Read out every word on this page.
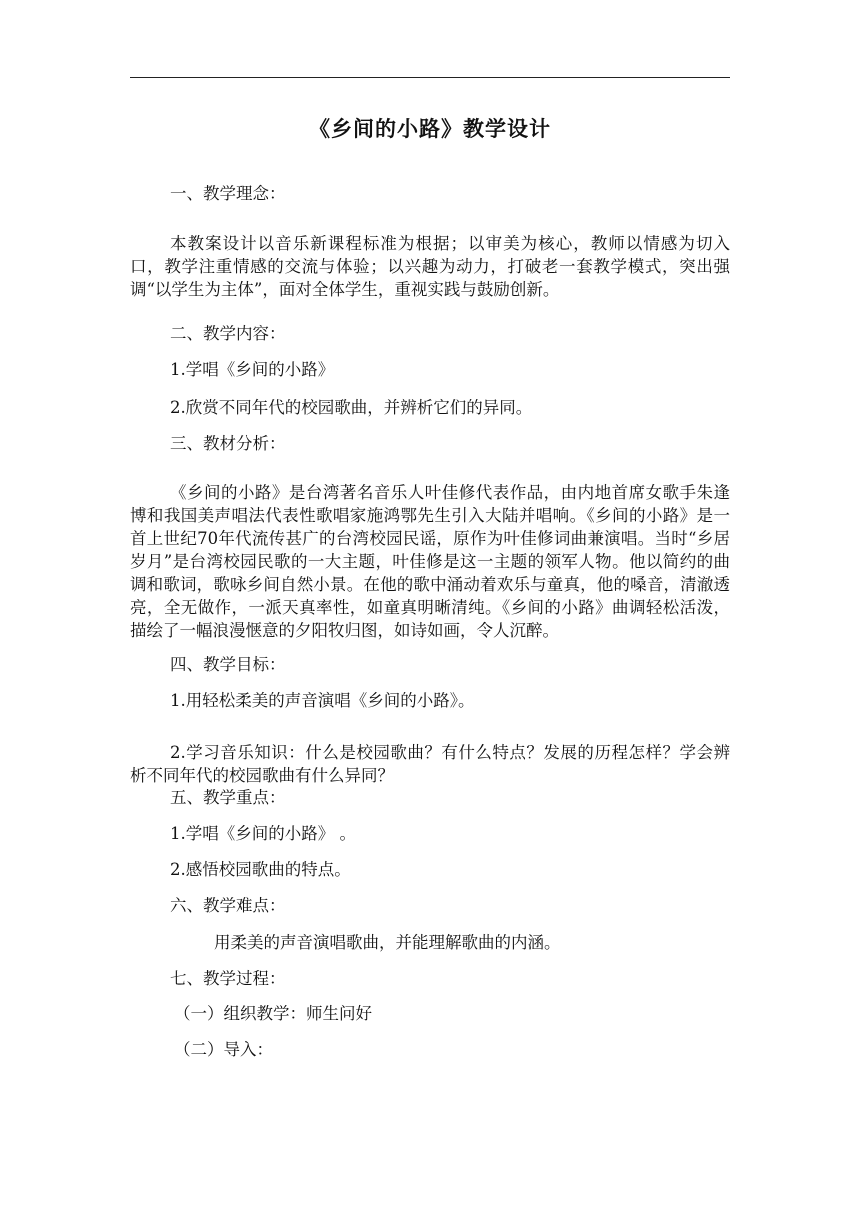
《乡间的小路》教学设计

一、教学理念：

本教案设计以音乐新课程标准为根据；以审美为核心，教师以情感为切入口，教学注重情感的交流与体验；以兴趣为动力，打破老一套教学模式，突出强调“以学生为主体”，面对全体学生，重视实践与鼓励创新。

二、教学内容：

1.学唱《乡间的小路》

2.欣赏不同年代的校园歌曲，并辨析它们的异同。

三、教材分析：

《乡间的小路》是台湾著名音乐人叶佳修代表作品，由内地首席女歌手朱逢博和我国美声唱法代表性歌唱家施鸿鄂先生引入大陆并唱响。《乡间的小路》是一首上世纪70年代流传甚广的台湾校园民谣，原作为叶佳修词曲兼演唱。当时“乡居岁月”是台湾校园民歌的一大主题，叶佳修是这一主题的领军人物。他以简约的曲调和歌词，歌咏乡间自然小景。在他的歌中涌动着欢乐与童真，他的嗓音，清澈透亮，全无做作，一派天真率性，如童真明晰清纯。《乡间的小路》曲调轻松活泼，描绘了一幅浪漫惬意的夕阳牧归图，如诗如画，令人沉醉。

四、教学目标：

1.用轻松柔美的声音演唱《乡间的小路》。

2.学习音乐知识：什么是校园歌曲？有什么特点？发展的历程怎样？学会辨析不同年代的校园歌曲有什么异同？

五、教学重点：

1.学唱《乡间的小路》 。

2.感悟校园歌曲的特点。

六、教学难点：

用柔美的声音演唱歌曲，并能理解歌曲的内涵。

七、教学过程：

（一）组织教学：师生问好

（二）导入：
